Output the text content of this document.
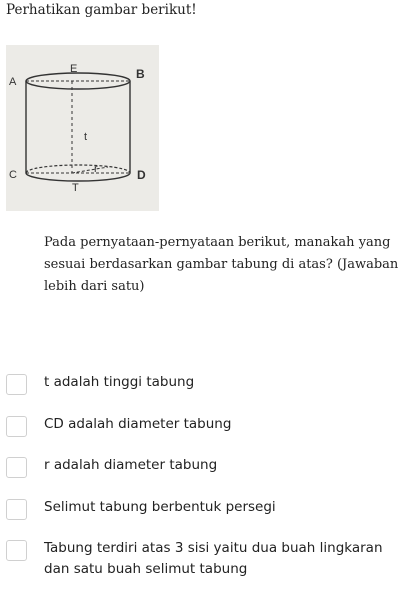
Perhatikan gambar berikut!
A
B
E
t
r
C	D
T
Pada pernyataan-pernyataan berikut, manakah yang sesuai berdasarkan gambar tabung di atas? (Jawaban lebih dari satu)
t adalah tinggi tabung
CD adalah diameter tabung
r adalah diameter tabung
Selimut tabung berbentuk persegi
Tabung terdiri atas 3 sisi yaitu dua buah lingkaran dan satu buah selimut tabung
